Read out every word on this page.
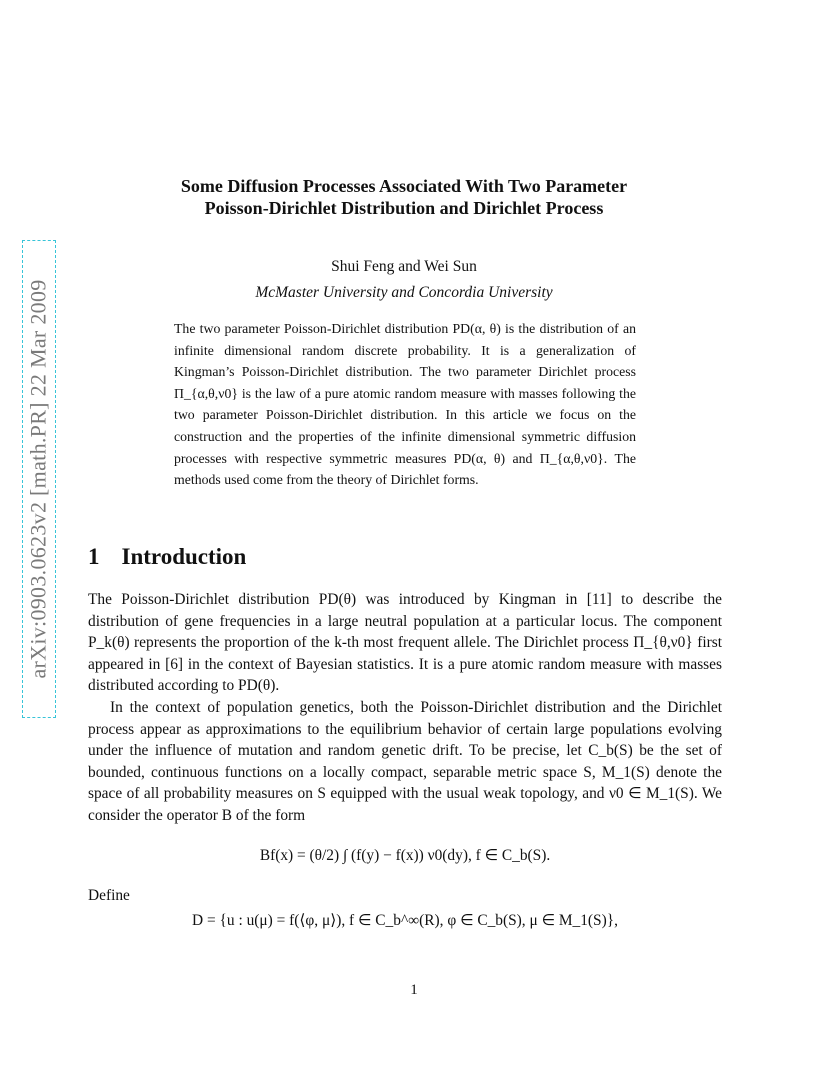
arXiv:0903.0623v2 [math.PR] 22 Mar 2009
Some Diffusion Processes Associated With Two Parameter
Poisson-Dirichlet Distribution and Dirichlet Process
Shui Feng and Wei Sun
McMaster University and Concordia University
The two parameter Poisson-Dirichlet distribution PD(α, θ) is the distribution of an infinite dimensional random discrete probability. It is a generalization of Kingman’s Poisson-Dirichlet distribution. The two parameter Dirichlet process Π_{α,θ,ν0} is the law of a pure atomic random measure with masses following the two parameter Poisson-Dirichlet distribution. In this article we focus on the construction and the properties of the infinite dimensional symmetric diffusion processes with respective symmetric measures PD(α, θ) and Π_{α,θ,ν0}. The methods used come from the theory of Dirichlet forms.
1 Introduction
The Poisson-Dirichlet distribution PD(θ) was introduced by Kingman in [11] to describe the distribution of gene frequencies in a large neutral population at a particular locus. The component P_k(θ) represents the proportion of the k-th most frequent allele. The Dirichlet process Π_{θ,ν0} first appeared in [6] in the context of Bayesian statistics. It is a pure atomic random measure with masses distributed according to PD(θ).
In the context of population genetics, both the Poisson-Dirichlet distribution and the Dirichlet process appear as approximations to the equilibrium behavior of certain large populations evolving under the influence of mutation and random genetic drift. To be precise, let C_b(S) be the set of bounded, continuous functions on a locally compact, separable metric space S, M_1(S) denote the space of all probability measures on S equipped with the usual weak topology, and ν0 ∈ M_1(S). We consider the operator B of the form
Bf(x) = (θ/2) ∫ (f(y) − f(x)) ν0(dy), f ∈ C_b(S).
Define
D = {u : u(μ) = f(⟨φ, μ⟩), f ∈ C_b^∞(R), φ ∈ C_b(S), μ ∈ M_1(S)},
1
